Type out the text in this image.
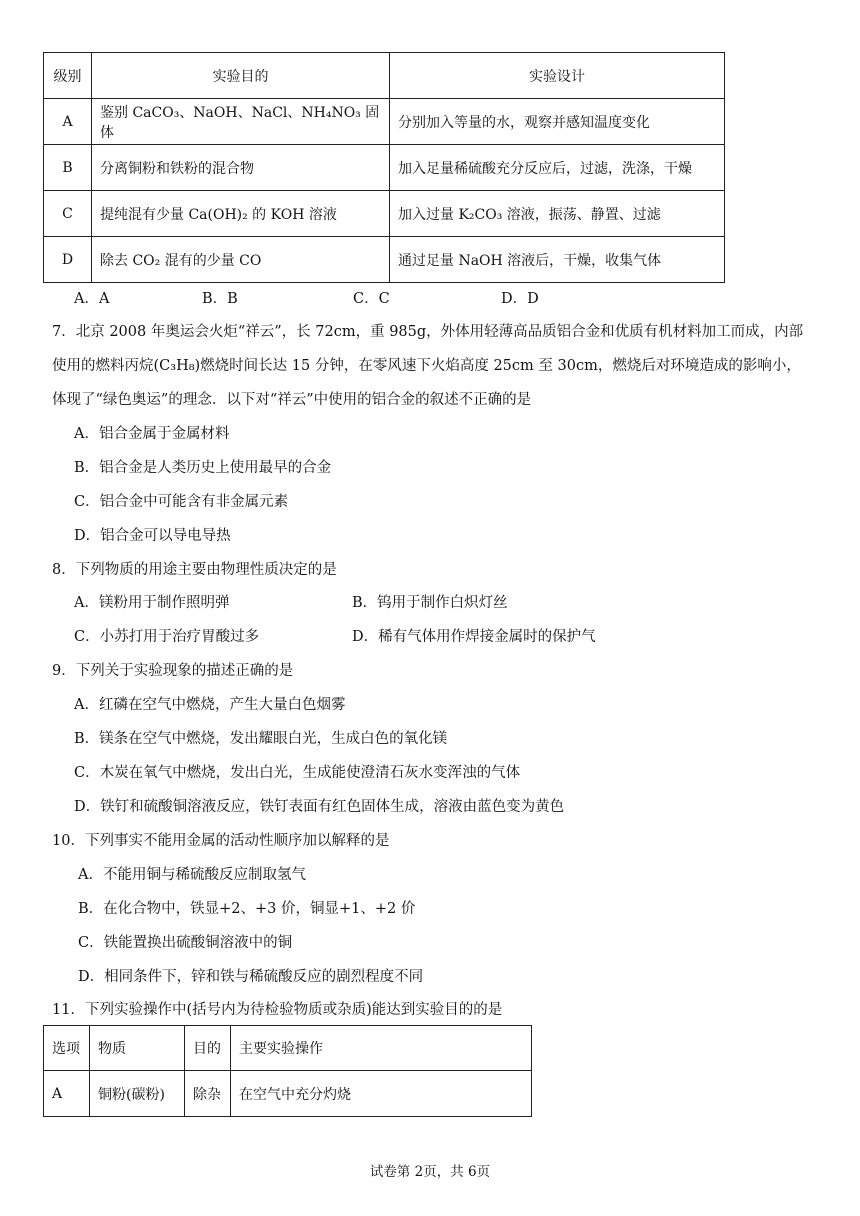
级别	实验目的	实验设计
A	鉴别 CaCO₃、NaOH、NaCl、NH₄NO₃ 固体	分别加入等量的水，观察并感知温度变化
B	分离铜粉和铁粉的混合物	加入足量稀硫酸充分反应后，过滤，洗涤，干燥
C	提纯混有少量 Ca(OH)₂ 的 KOH 溶液	加入过量 K₂CO₃ 溶液，振荡、静置、过滤
D	除去 CO₂ 混有的少量 CO	通过足量 NaOH 溶液后，干燥，收集气体
A．A	B．B	C．C	D．D
7．北京 2008 年奥运会火炬“祥云”，长 72cm，重 985g，外体用轻薄高品质铝合金和优质有机材料加工而成，内部
使用的燃料丙烷(C₃H₈)燃烧时间长达 15 分钟，在零风速下火焰高度 25cm 至 30cm，燃烧后对环境造成的影响小，
体现了“绿色奥运”的理念．以下对“祥云”中使用的铝合金的叙述不正确的是
A．铝合金属于金属材料
B．铝合金是人类历史上使用最早的合金
C．铝合金中可能含有非金属元素
D．铝合金可以导电导热
8．下列物质的用途主要由物理性质决定的是
A．镁粉用于制作照明弹	B．钨用于制作白炽灯丝
C．小苏打用于治疗胃酸过多	D．稀有气体用作焊接金属时的保护气
9．下列关于实验现象的描述正确的是
A．红磷在空气中燃烧，产生大量白色烟雾
B．镁条在空气中燃烧，发出耀眼白光，生成白色的氧化镁
C．木炭在氧气中燃烧，发出白光，生成能使澄清石灰水变浑浊的气体
D．铁钉和硫酸铜溶液反应，铁钉表面有红色固体生成，溶液由蓝色变为黄色
10．下列事实不能用金属的活动性顺序加以解释的是
A．不能用铜与稀硫酸反应制取氢气
B．在化合物中，铁显+2、+3 价，铜显+1、+2 价
C．铁能置换出硫酸铜溶液中的铜
D．相同条件下，锌和铁与稀硫酸反应的剧烈程度不同
11．下列实验操作中(括号内为待检验物质或杂质)能达到实验目的的是
选项	物质	目的	主要实验操作
A	铜粉(碳粉)	除杂	在空气中充分灼烧
试卷第 2页，共 6页
